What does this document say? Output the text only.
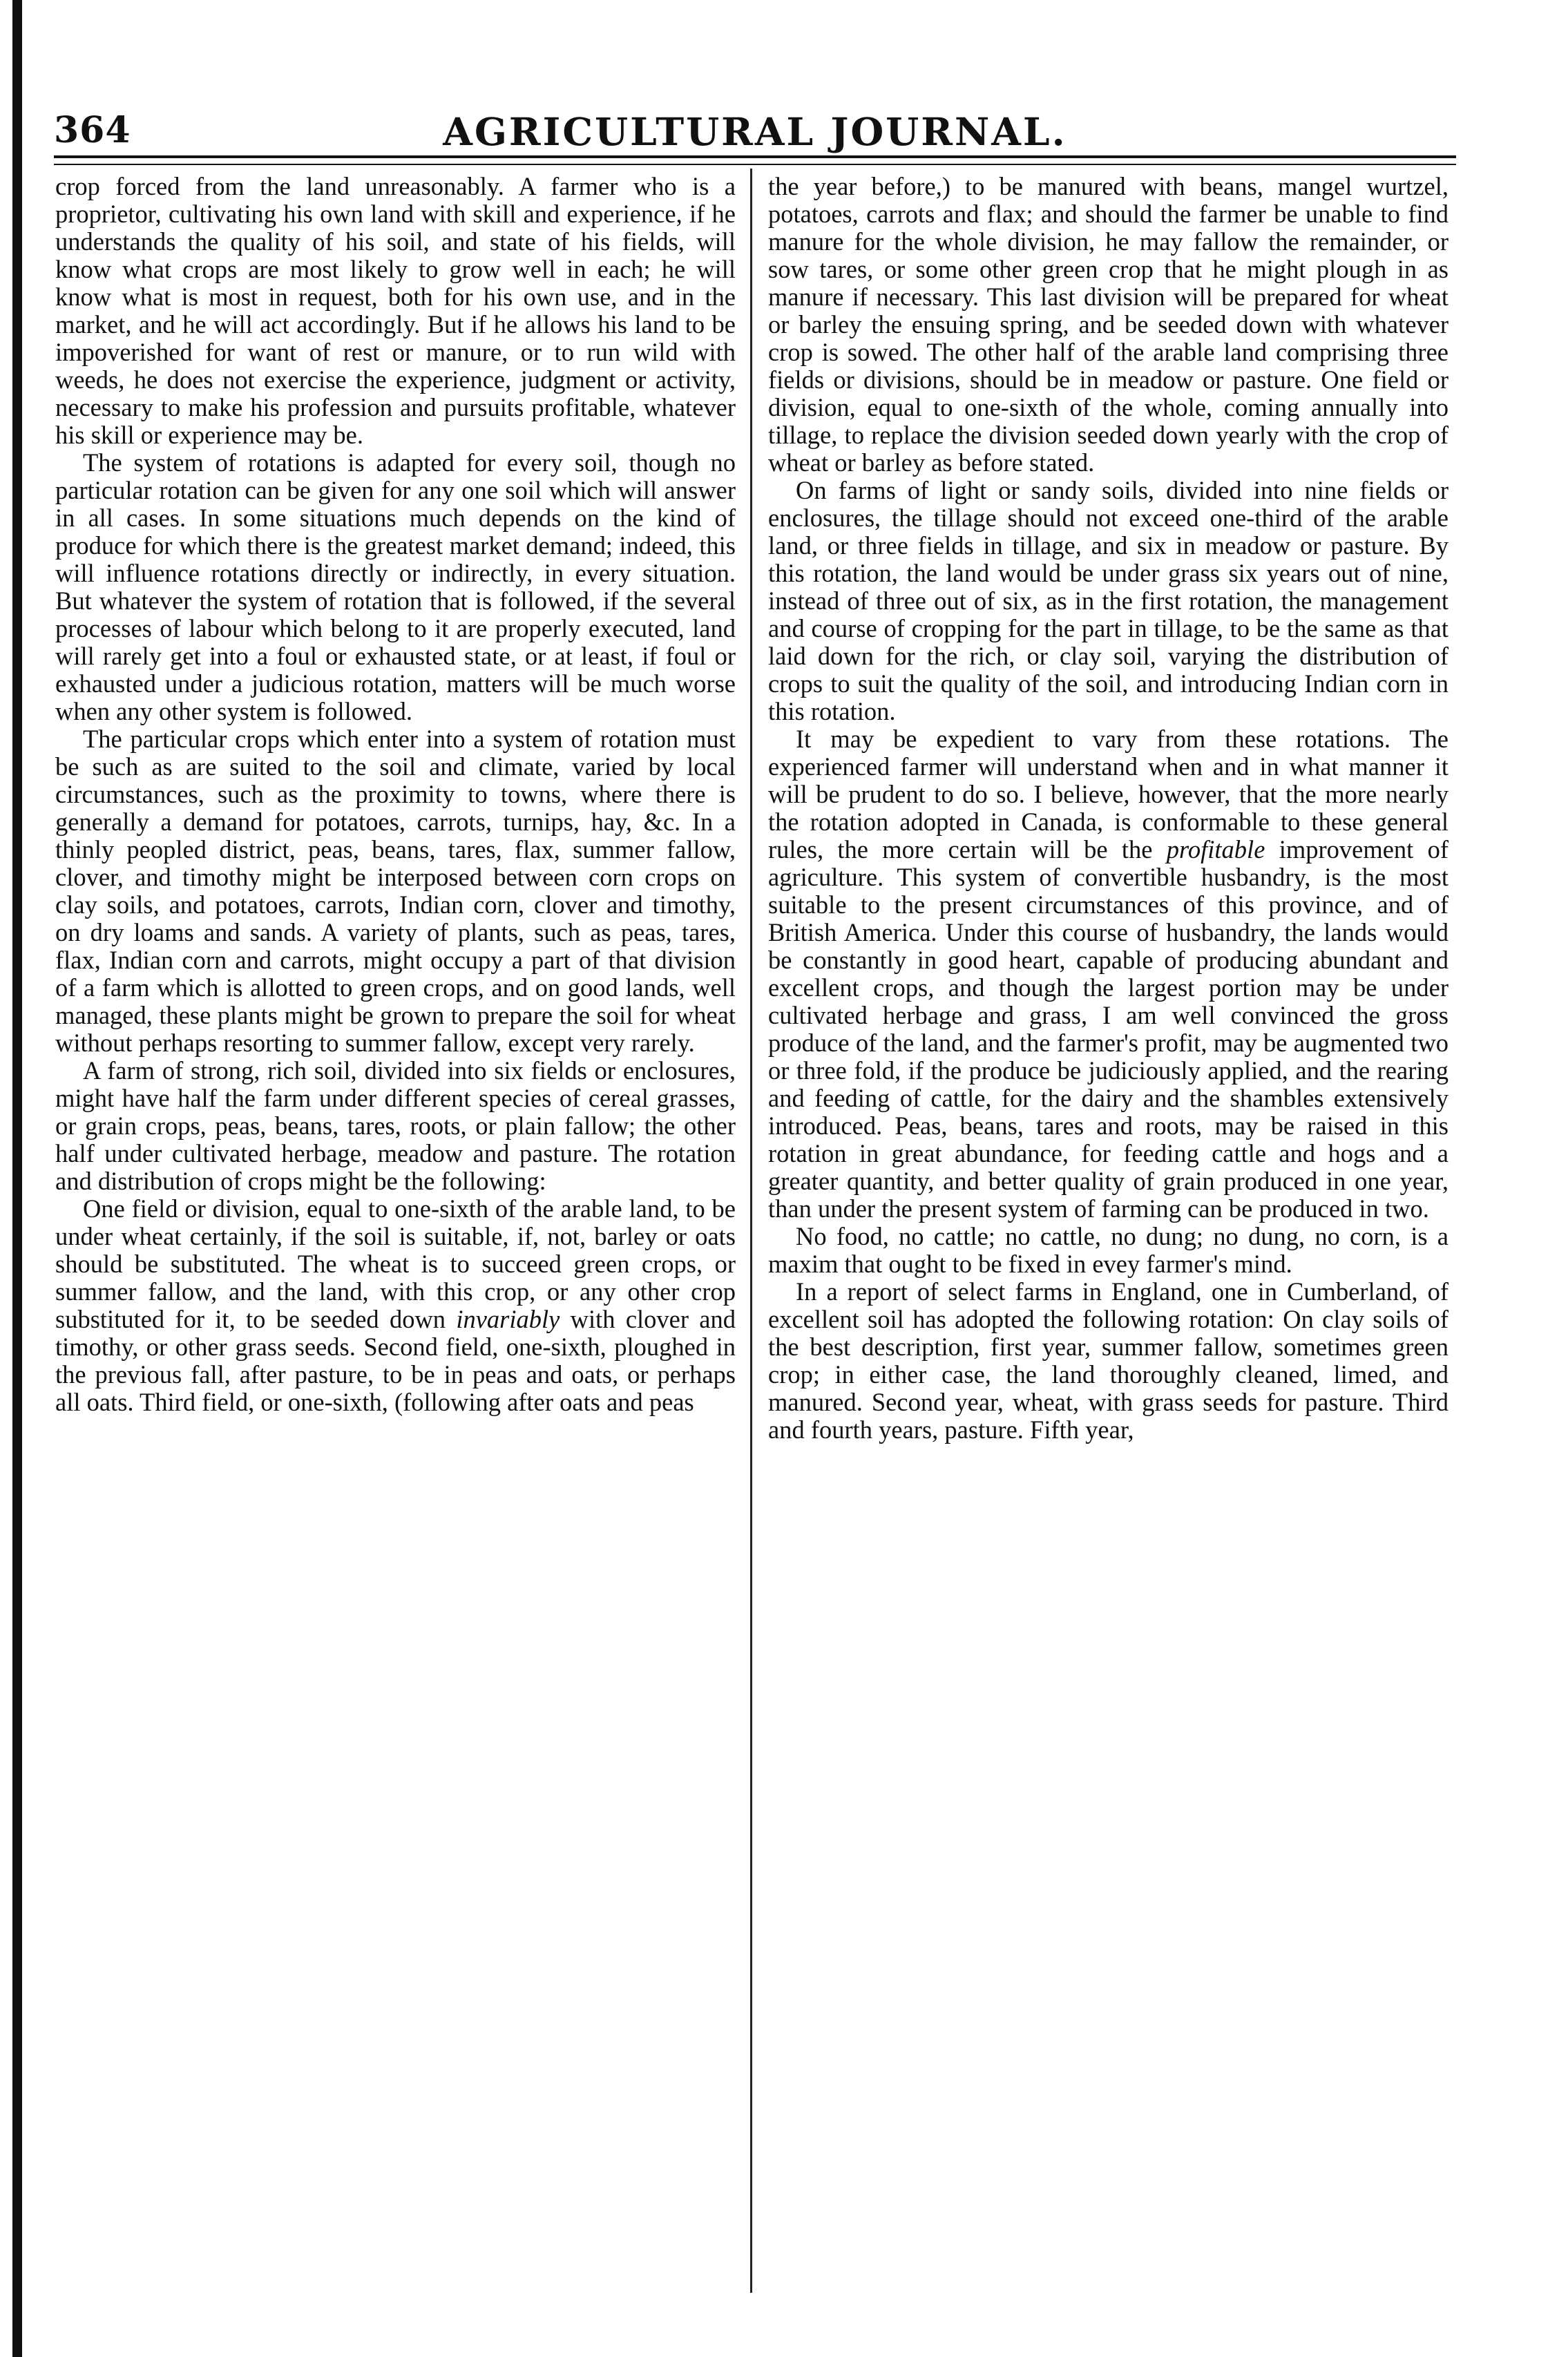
364	AGRICULTURAL JOURNAL.

crop forced from the land unreasonably. A farmer who is a proprietor, cultivating his own land with skill and experience, if he understands the quality of his soil, and state of his fields, will know what crops are most likely to grow well in each; he will know what is most in request, both for his own use, and in the market, and he will act accordingly. But if he allows his land to be impoverished for want of rest or manure, or to run wild with weeds, he does not exercise the experience, judgment or activity, necessary to make his profession and pursuits profitable, whatever his skill or experience may be.

The system of rotations is adapted for every soil, though no particular rotation can be given for any one soil which will answer in all cases. In some situations much depends on the kind of produce for which there is the greatest market demand; indeed, this will influence rotations directly or indirectly, in every situation. But whatever the system of rotation that is followed, if the several processes of labour which belong to it are properly executed, land will rarely get into a foul or exhausted state, or at least, if foul or exhausted under a judicious rotation, matters will be much worse when any other system is followed.

The particular crops which enter into a system of rotation must be such as are suited to the soil and climate, varied by local circumstances, such as the proximity to towns, where there is generally a demand for potatoes, carrots, turnips, hay, &c. In a thinly peopled district, peas, beans, tares, flax, summer fallow, clover, and timothy might be interposed between corn crops on clay soils, and potatoes, carrots, Indian corn, clover and timothy, on dry loams and sands. A variety of plants, such as peas, tares, flax, Indian corn and carrots, might occupy a part of that division of a farm which is allotted to green crops, and on good lands, well managed, these plants might be grown to prepare the soil for wheat without perhaps resorting to summer fallow, except very rarely.

A farm of strong, rich soil, divided into six fields or enclosures, might have half the farm under different species of cereal grasses, or grain crops, peas, beans, tares, roots, or plain fallow; the other half under cultivated herbage, meadow and pasture. The rotation and distribution of crops might be the following:

One field or division, equal to one-sixth of the arable land, to be under wheat certainly, if the soil is suitable, if, not, barley or oats should be substituted. The wheat is to succeed green crops, or summer fallow, and the land, with this crop, or any other crop substituted for it, to be seeded down invariably with clover and timothy, or other grass seeds. Second field, one-sixth, ploughed in the previous fall, after pasture, to be in peas and oats, or perhaps all oats. Third field, or one-sixth, (following after oats and peas

the year before,) to be manured with beans, mangel wurtzel, potatoes, carrots and flax; and should the farmer be unable to find manure for the whole division, he may fallow the remainder, or sow tares, or some other green crop that he might plough in as manure if necessary. This last division will be prepared for wheat or barley the ensuing spring, and be seeded down with whatever crop is sowed. The other half of the arable land comprising three fields or divisions, should be in meadow or pasture. One field or division, equal to one-sixth of the whole, coming annually into tillage, to replace the division seeded down yearly with the crop of wheat or barley as before stated.

On farms of light or sandy soils, divided into nine fields or enclosures, the tillage should not exceed one-third of the arable land, or three fields in tillage, and six in meadow or pasture. By this rotation, the land would be under grass six years out of nine, instead of three out of six, as in the first rotation, the management and course of cropping for the part in tillage, to be the same as that laid down for the rich, or clay soil, varying the distribution of crops to suit the quality of the soil, and introducing Indian corn in this rotation.

It may be expedient to vary from these rotations. The experienced farmer will understand when and in what manner it will be prudent to do so. I believe, however, that the more nearly the rotation adopted in Canada, is conformable to these general rules, the more certain will be the profitable improvement of agriculture. This system of convertible husbandry, is the most suitable to the present circumstances of this province, and of British America. Under this course of husbandry, the lands would be constantly in good heart, capable of producing abundant and excellent crops, and though the largest portion may be under cultivated herbage and grass, I am well convinced the gross produce of the land, and the farmer's profit, may be augmented two or three fold, if the produce be judiciously applied, and the rearing and feeding of cattle, for the dairy and the shambles extensively introduced. Peas, beans, tares and roots, may be raised in this rotation in great abundance, for feeding cattle and hogs and a greater quantity, and better quality of grain produced in one year, than under the present system of farming can be produced in two.

No food, no cattle; no cattle, no dung; no dung, no corn, is a maxim that ought to be fixed in evey farmer's mind.

In a report of select farms in England, one in Cumberland, of excellent soil has adopted the following rotation: On clay soils of the best description, first year, summer fallow, sometimes green crop; in either case, the land thoroughly cleaned, limed, and manured. Second year, wheat, with grass seeds for pasture. Third and fourth years, pasture. Fifth year,
